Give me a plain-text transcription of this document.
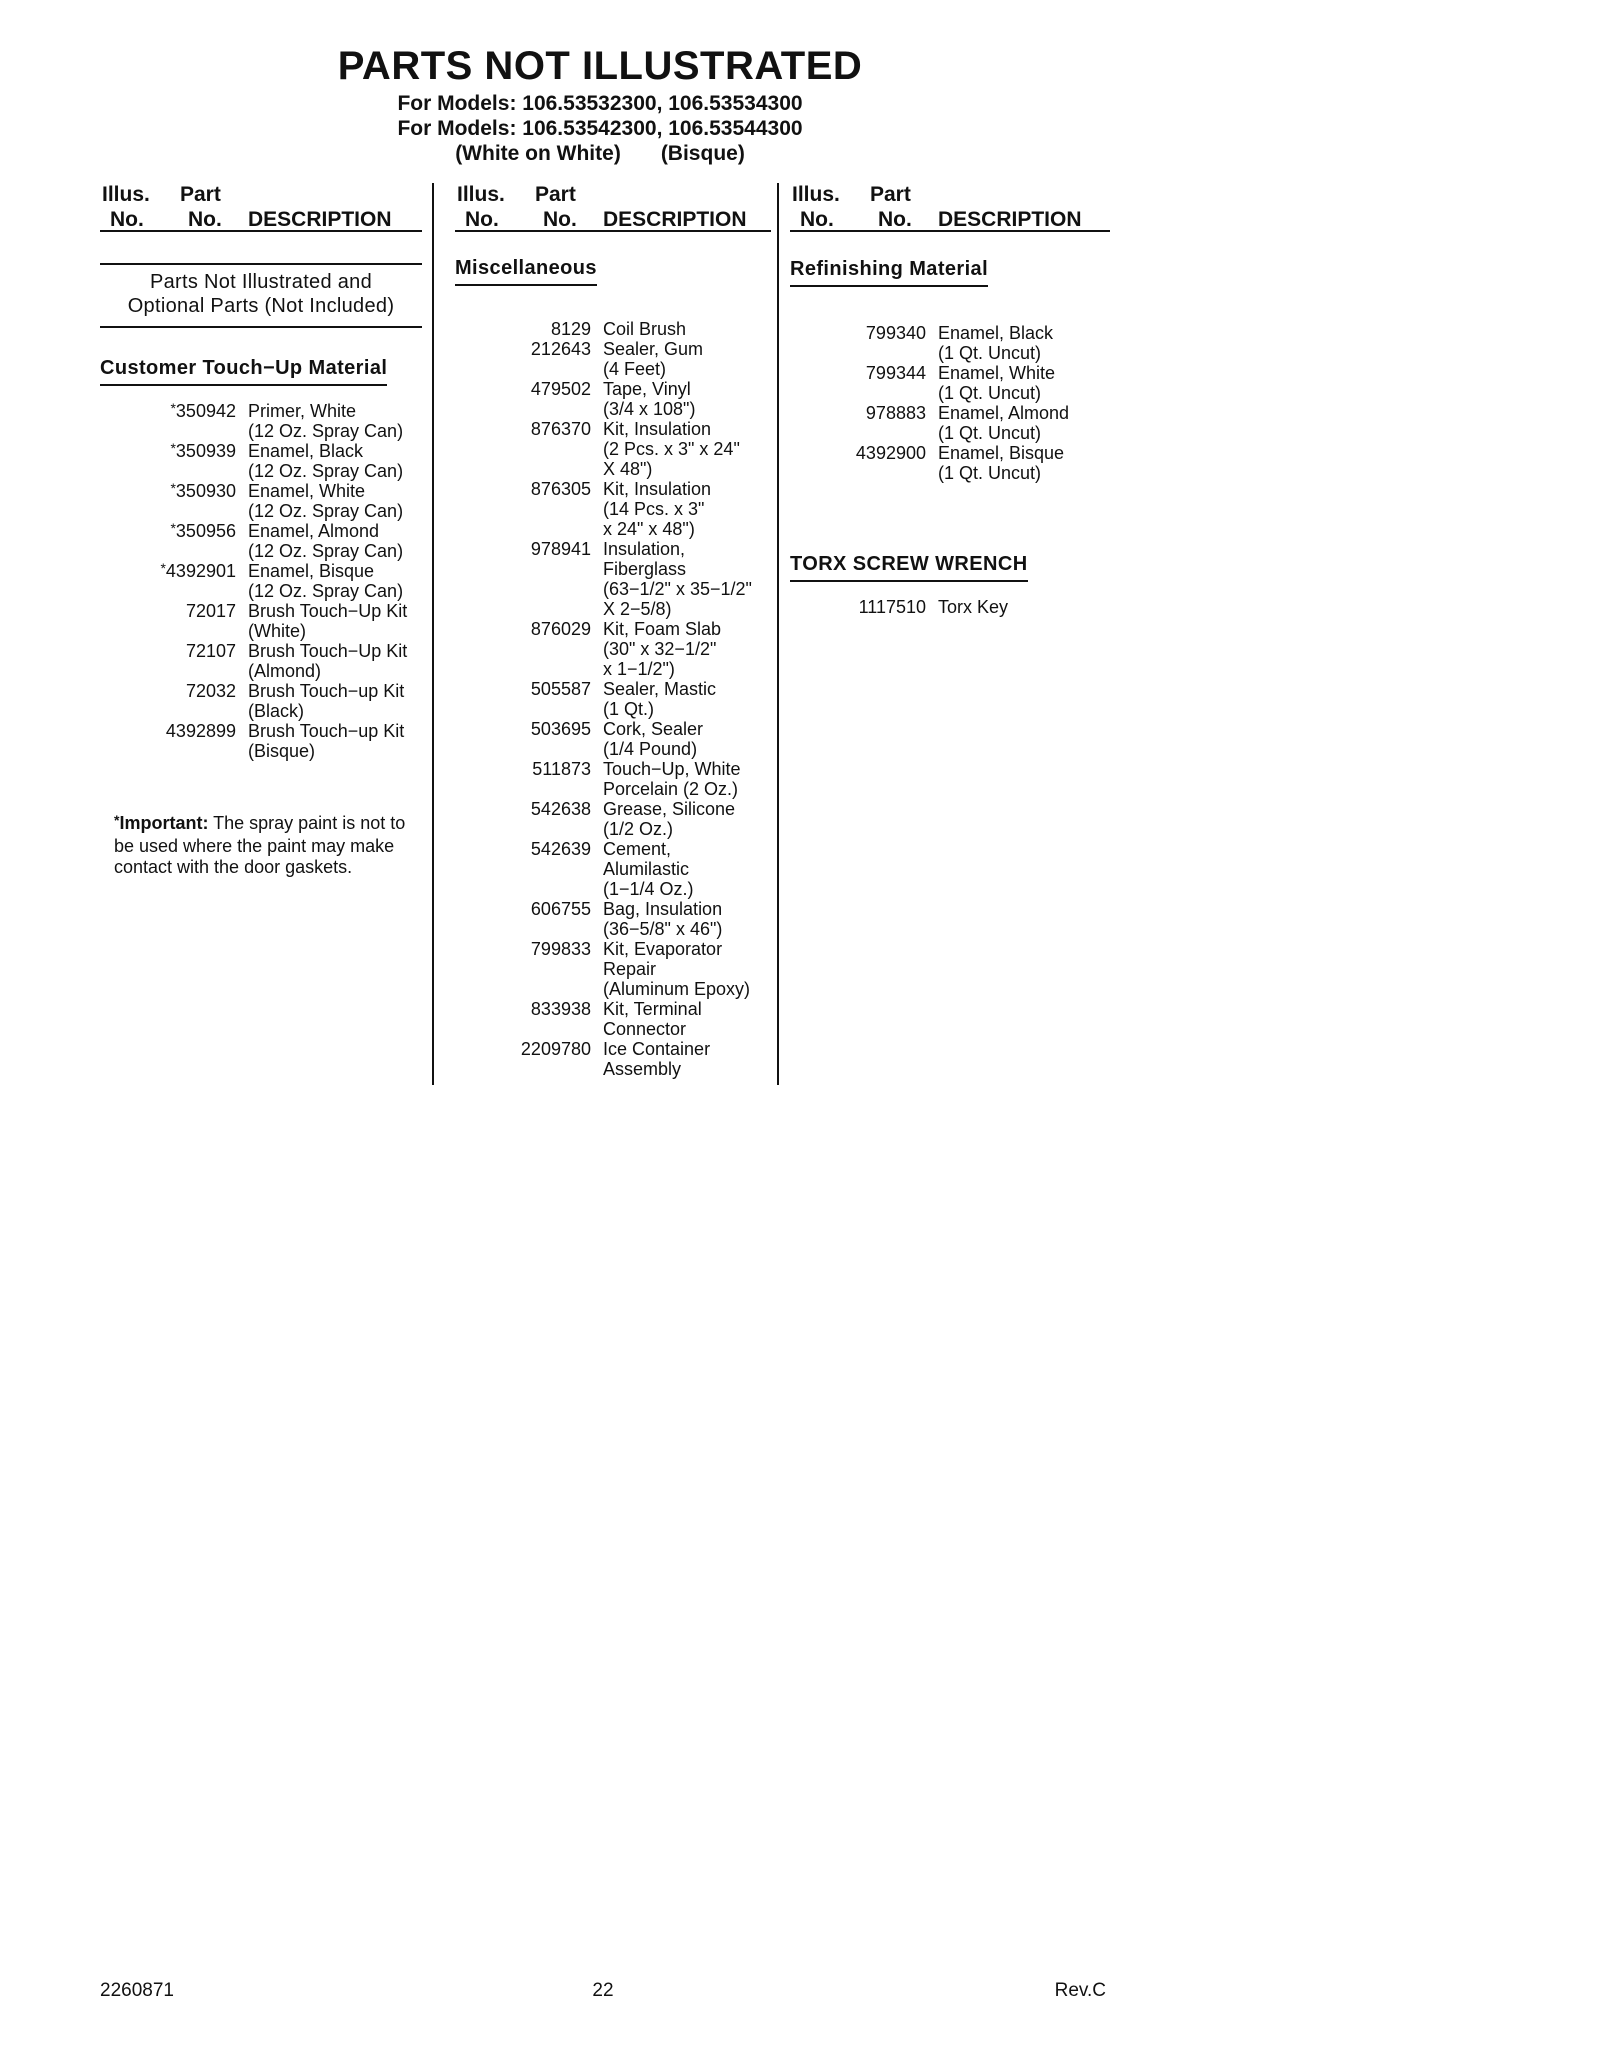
PARTS NOT ILLUSTRATED
For Models: 106.53532300, 106.53534300
For Models: 106.53542300, 106.53544300
(White on White) (Bisque)
Illus. Part
No. No. DESCRIPTION
Parts Not Illustrated and
Optional Parts (Not Included)
Customer Touch−Up Material
*350942 Primer, White
(12 Oz. Spray Can)
*350939 Enamel, Black
(12 Oz. Spray Can)
*350930 Enamel, White
(12 Oz. Spray Can)
*350956 Enamel, Almond
(12 Oz. Spray Can)
*4392901 Enamel, Bisque
(12 Oz. Spray Can)
72017 Brush Touch−Up Kit
(White)
72107 Brush Touch−Up Kit
(Almond)
72032 Brush Touch−up Kit
(Black)
4392899 Brush Touch−up Kit
(Bisque)

*Important: The spray paint is not to be used where the paint may make contact with the door gaskets.

Illus. Part
No. No. DESCRIPTION
Miscellaneous
8129 Coil Brush
212643 Sealer, Gum
(4 Feet)
479502 Tape, Vinyl
(3/4 x 108")
876370 Kit, Insulation
(2 Pcs. x 3" x 24"
X 48")
876305 Kit, Insulation
(14 Pcs. x 3"
x 24" x 48")
978941 Insulation,
Fiberglass
(63−1/2" x 35−1/2"
X 2−5/8)
876029 Kit, Foam Slab
(30" x 32−1/2"
x 1−1/2")
505587 Sealer, Mastic
(1 Qt.)
503695 Cork, Sealer
(1/4 Pound)
511873 Touch−Up, White
Porcelain (2 Oz.)
542638 Grease, Silicone
(1/2 Oz.)
542639 Cement,
Alumilastic
(1−1/4 Oz.)
606755 Bag, Insulation
(36−5/8" x 46")
799833 Kit, Evaporator
Repair
(Aluminum Epoxy)
833938 Kit, Terminal
Connector
2209780 Ice Container
Assembly
Illus. Part
No. No. DESCRIPTION
Refinishing Material
799340 Enamel, Black
(1 Qt. Uncut)
799344 Enamel, White
(1 Qt. Uncut)
978883 Enamel, Almond
(1 Qt. Uncut)
4392900 Enamel, Bisque
(1 Qt. Uncut)
TORX SCREW WRENCH
1117510 Torx Key
2260871	22	Rev.C
